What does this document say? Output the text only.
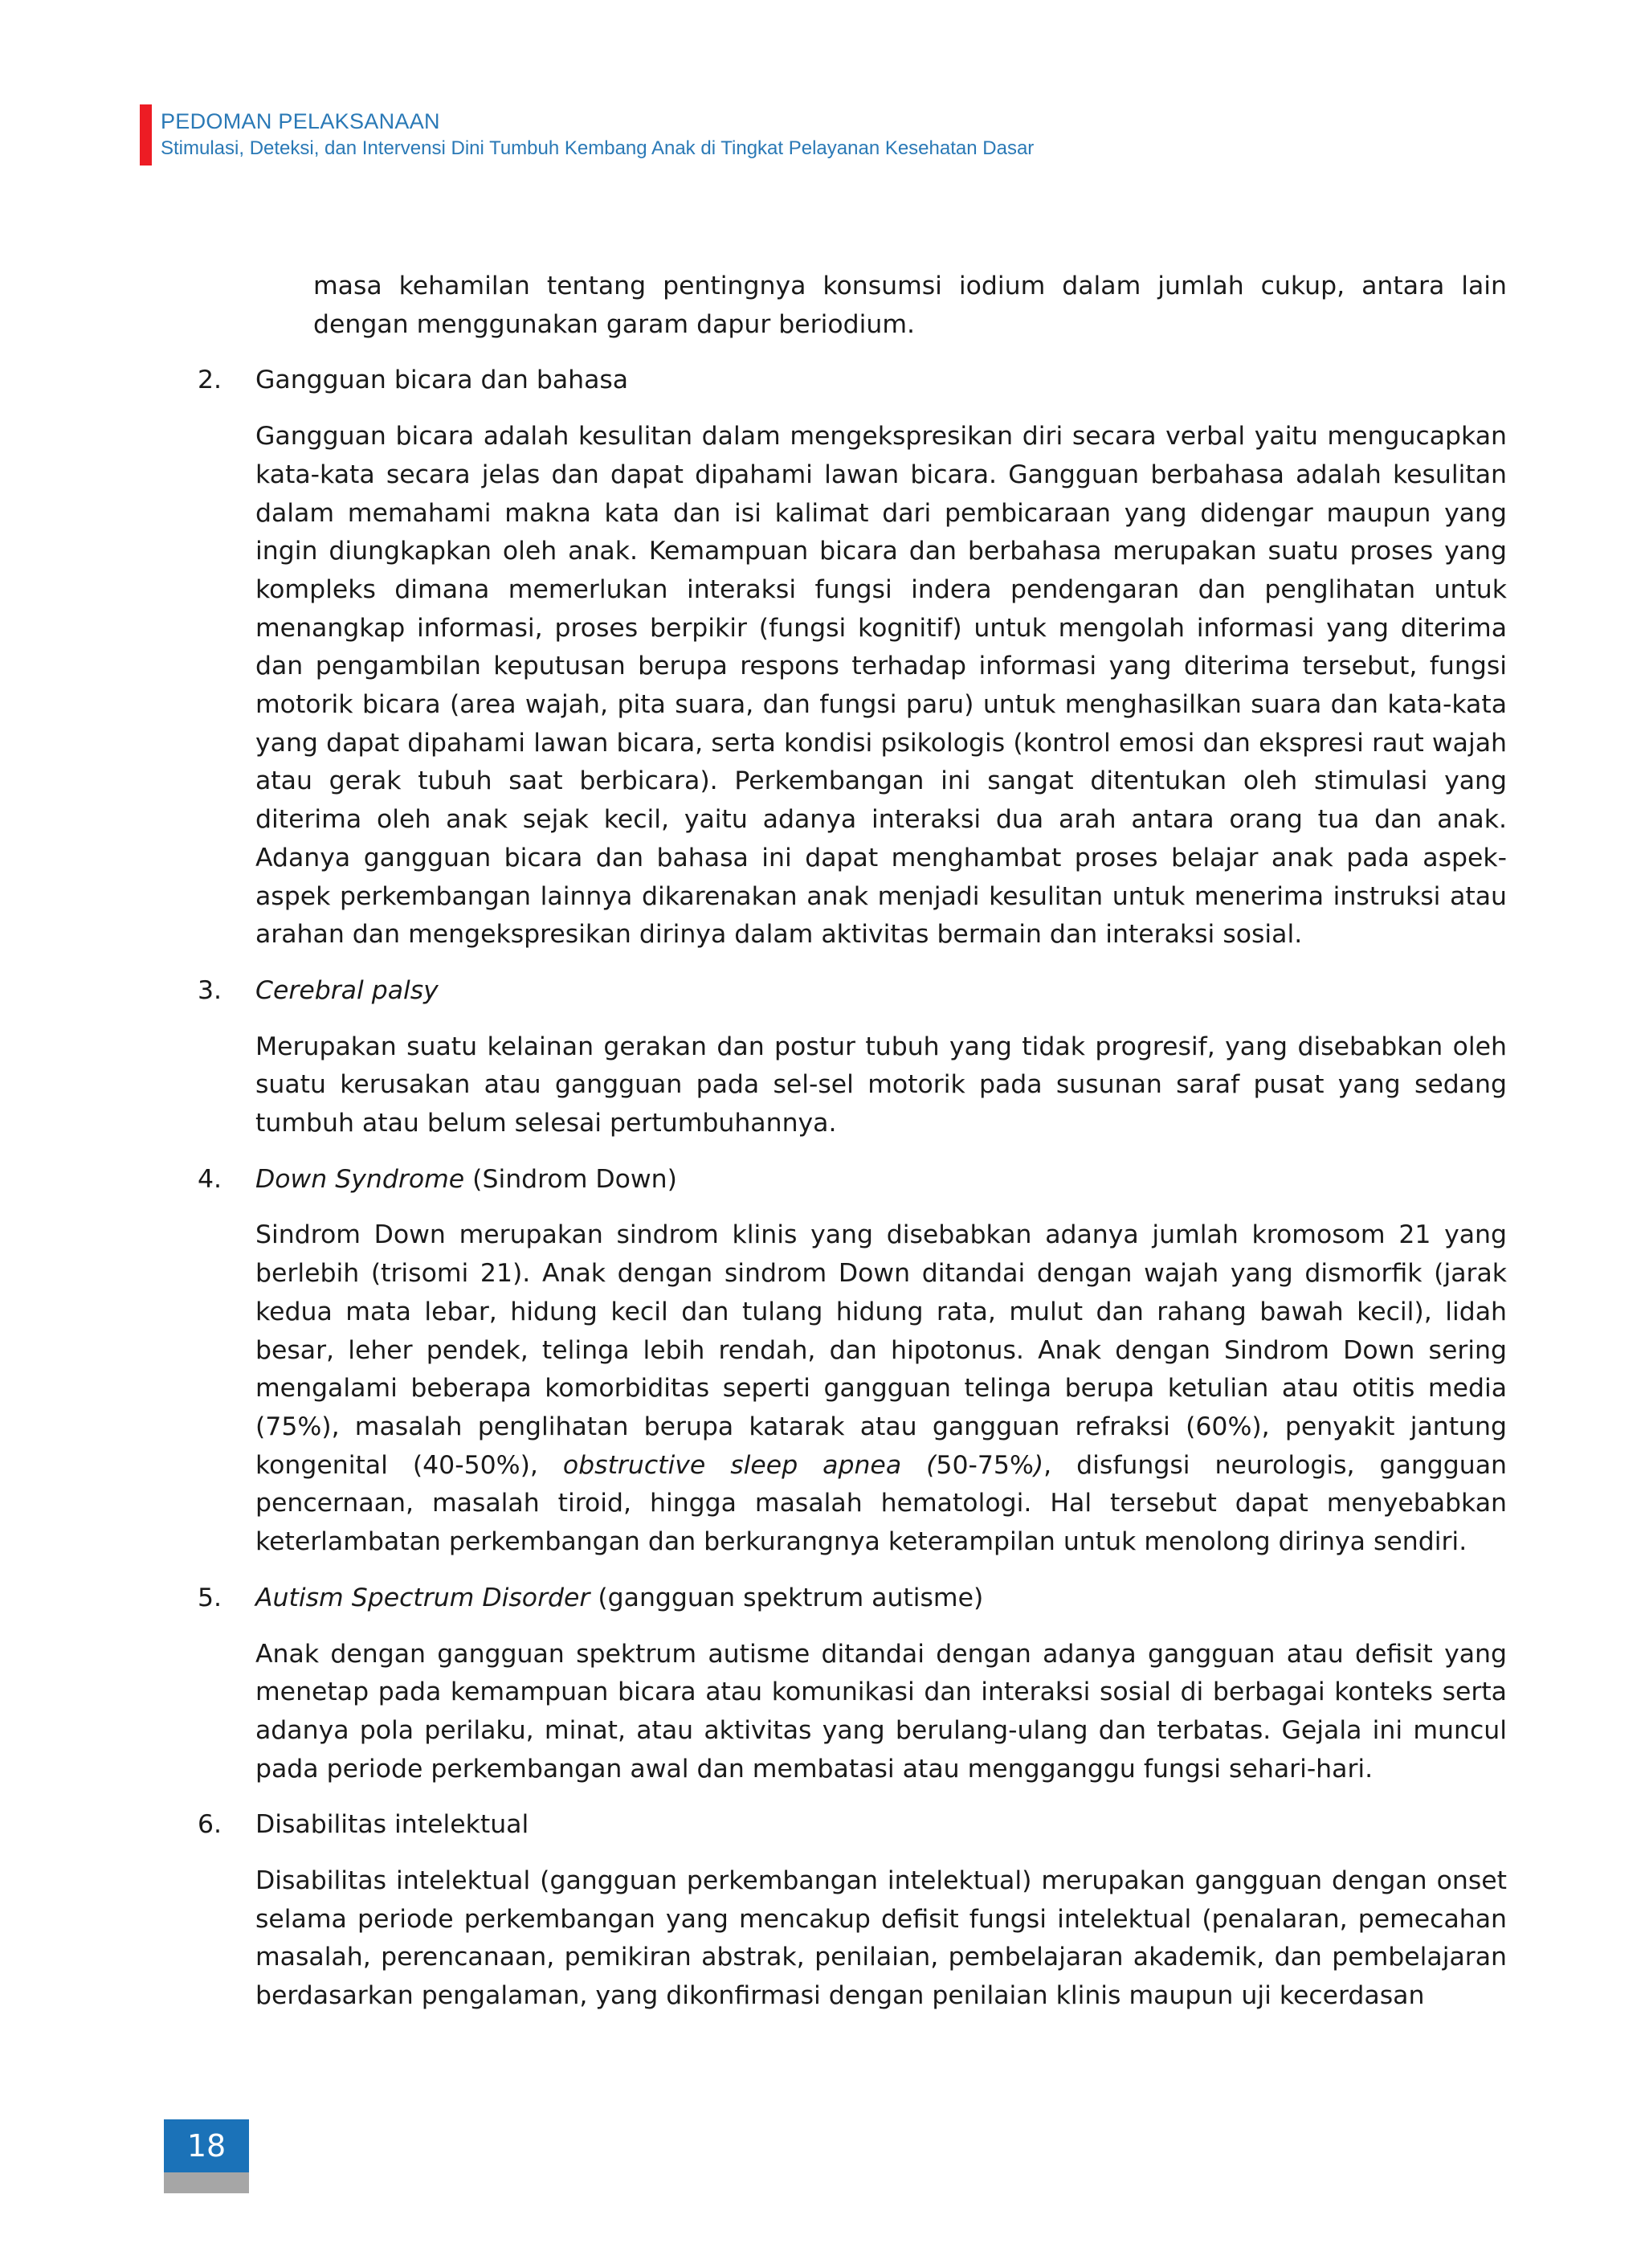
PEDOMAN PELAKSANAAN
Stimulasi, Deteksi, dan Intervensi Dini Tumbuh Kembang Anak di Tingkat Pelayanan Kesehatan Dasar

masa kehamilan tentang pentingnya konsumsi iodium dalam jumlah cukup, antara lain dengan menggunakan garam dapur beriodium.

2.	Gangguan bicara dan bahasa

Gangguan bicara adalah kesulitan dalam mengekspresikan diri secara verbal yaitu mengucapkan kata-kata secara jelas dan dapat dipahami lawan bicara. Gangguan berbahasa adalah kesulitan dalam memahami makna kata dan isi kalimat dari pembicaraan yang didengar maupun yang ingin diungkapkan oleh anak. Kemampuan bicara dan berbahasa merupakan suatu proses yang kompleks dimana memerlukan interaksi fungsi indera pendengaran dan penglihatan untuk menangkap informasi, proses berpikir (fungsi kognitif) untuk mengolah informasi yang diterima dan pengambilan keputusan berupa respons terhadap informasi yang diterima tersebut, fungsi motorik bicara (area wajah, pita suara, dan fungsi paru) untuk menghasilkan suara dan kata-kata yang dapat dipahami lawan bicara, serta kondisi psikologis (kontrol emosi dan ekspresi raut wajah atau gerak tubuh saat berbicara). Perkembangan ini sangat ditentukan oleh stimulasi yang diterima oleh anak sejak kecil, yaitu adanya interaksi dua arah antara orang tua dan anak. Adanya gangguan bicara dan bahasa ini dapat menghambat proses belajar anak pada aspek-aspek perkembangan lainnya dikarenakan anak menjadi kesulitan untuk menerima instruksi atau arahan dan mengekspresikan dirinya dalam aktivitas bermain dan interaksi sosial.

3.	Cerebral palsy

Merupakan suatu kelainan gerakan dan postur tubuh yang tidak progresif, yang disebabkan oleh suatu kerusakan atau gangguan pada sel-sel motorik pada susunan saraf pusat yang sedang tumbuh atau belum selesai pertumbuhannya.

4.	Down Syndrome (Sindrom Down)

Sindrom Down merupakan sindrom klinis yang disebabkan adanya jumlah kromosom 21 yang berlebih (trisomi 21). Anak dengan sindrom Down ditandai dengan wajah yang dismorfik (jarak kedua mata lebar, hidung kecil dan tulang hidung rata, mulut dan rahang bawah kecil), lidah besar, leher pendek, telinga lebih rendah, dan hipotonus. Anak dengan Sindrom Down sering mengalami beberapa komorbiditas seperti gangguan telinga berupa ketulian atau otitis media (75%), masalah penglihatan berupa katarak atau gangguan refraksi (60%), penyakit jantung kongenital (40-50%), obstructive sleep apnea (50-75%), disfungsi neurologis, gangguan pencernaan, masalah tiroid, hingga masalah hematologi. Hal tersebut dapat menyebabkan keterlambatan perkembangan dan berkurangnya keterampilan untuk menolong dirinya sendiri.

5.	Autism Spectrum Disorder (gangguan spektrum autisme)

Anak dengan gangguan spektrum autisme ditandai dengan adanya gangguan atau defisit yang menetap pada kemampuan bicara atau komunikasi dan interaksi sosial di berbagai konteks serta adanya pola perilaku, minat, atau aktivitas yang berulang-ulang dan terbatas. Gejala ini muncul pada periode perkembangan awal dan membatasi atau mengganggu fungsi sehari-hari.

6.	Disabilitas intelektual

Disabilitas intelektual (gangguan perkembangan intelektual) merupakan gangguan dengan onset selama periode perkembangan yang mencakup defisit fungsi intelektual (penalaran, pemecahan masalah, perencanaan, pemikiran abstrak, penilaian, pembelajaran akademik, dan pembelajaran berdasarkan pengalaman, yang dikonfirmasi dengan penilaian klinis maupun uji kecerdasan

18
